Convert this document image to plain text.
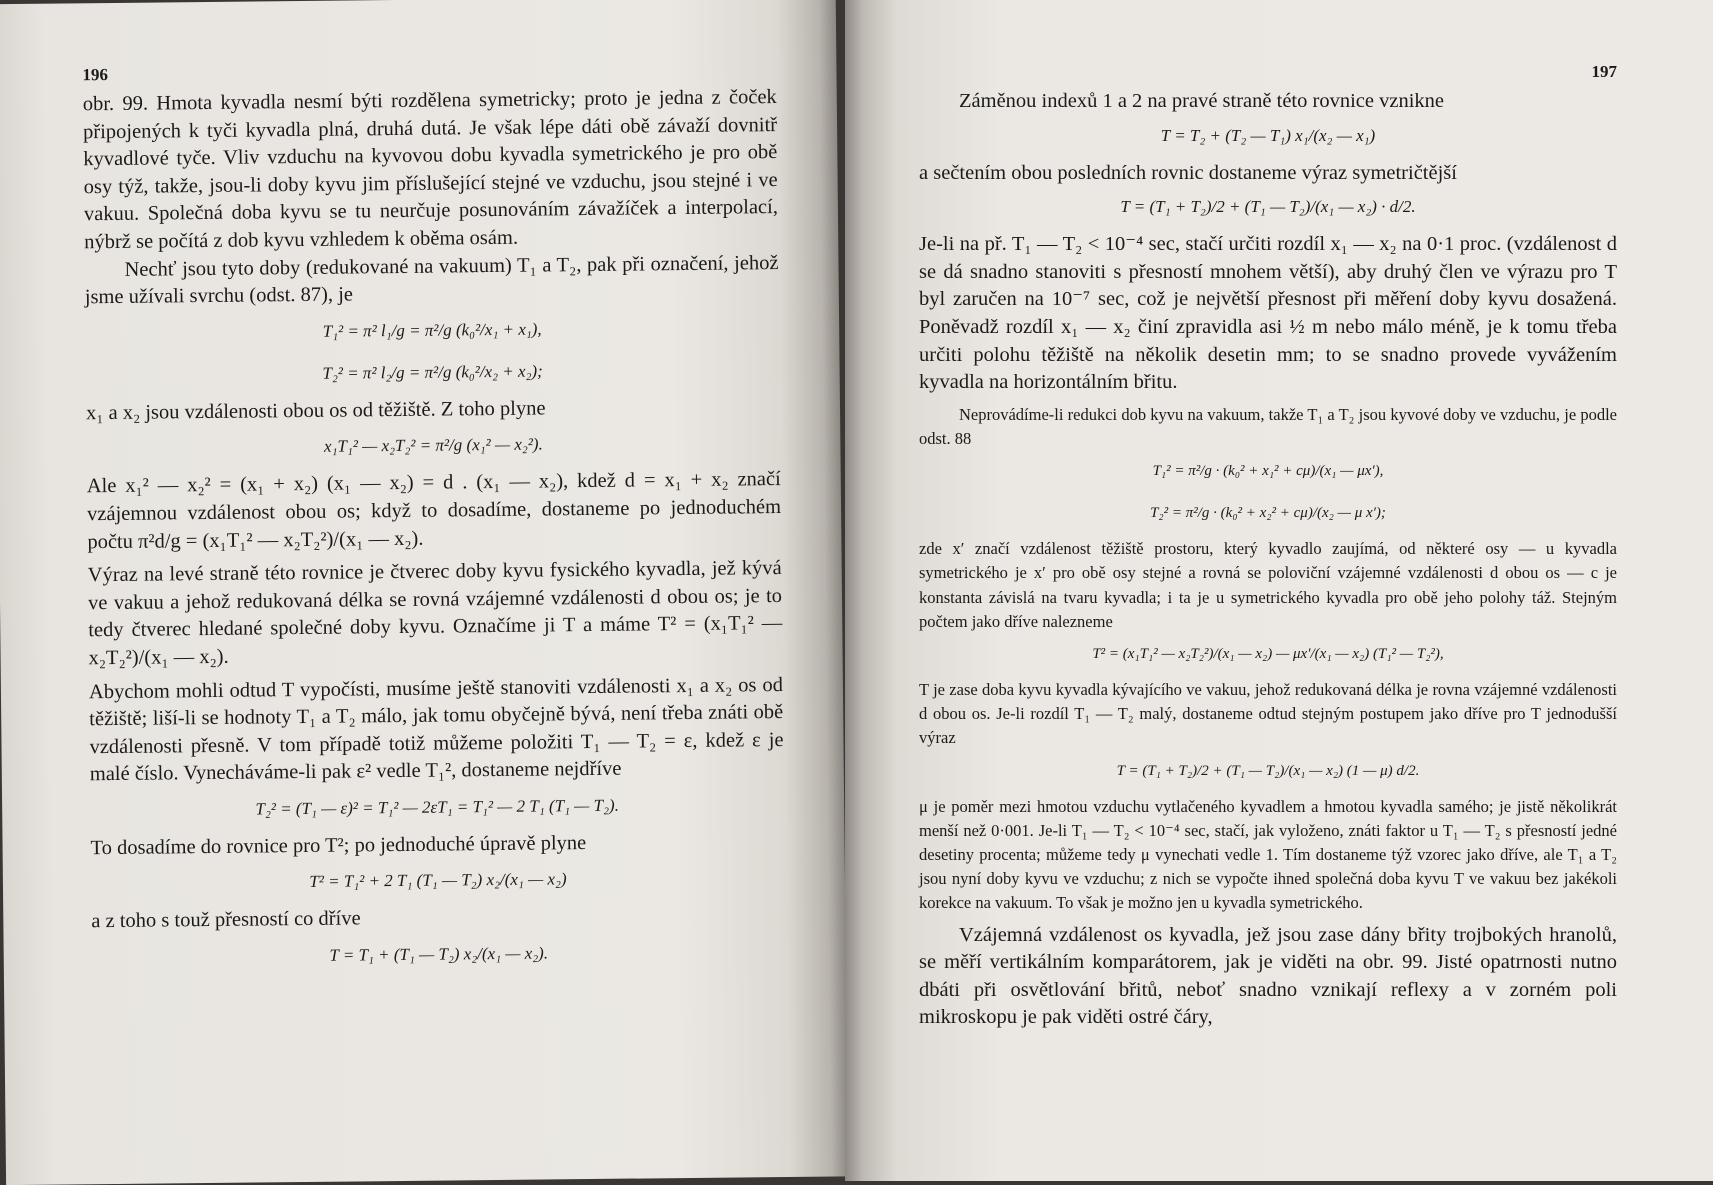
196

obr. 99. Hmota kyvadla nesmí býti rozdělena symetricky; proto je jedna z čoček připojených k tyči kyvadla plná, druhá dutá. Je však lépe dáti obě závaží dovnitř kyvadlové tyče. Vliv vzduchu na kyvovou dobu kyvadla symetrického je pro obě osy týž, takže, jsou-li doby kyvu jim příslušející stejné ve vzduchu, jsou stejné i ve vakuu. Společná doba kyvu se tu neurčuje posunováním závažíček a interpolací, nýbrž se počítá z dob kyvu vzhledem k oběma osám.

Nechť jsou tyto doby (redukované na vakuum) T₁ a T₂, pak při označení, jehož jsme užívali svrchu (odst. 87), je

T₁² = π² l₁/g = π²/g (k₀²/x₁ + x₁),
T₂² = π² l₂/g = π²/g (k₀²/x₂ + x₂);

x₁ a x₂ jsou vzdálenosti obou os od těžiště. Z toho plyne

x₁T₁² — x₂T₂² = π²/g (x₁² — x₂²).

Ale x₁² — x₂² = (x₁ + x₂) (x₁ — x₂) = d . (x₁ — x₂), kdež d = x₁ + x₂ značí vzájemnou vzdálenost obou os; když to dosadíme, dostaneme po jednoduchém počtu π²d/g = (x₁T₁² — x₂T₂²)/(x₁ — x₂).

Výraz na levé straně této rovnice je čtverec doby kyvu fysického kyvadla, jež kývá ve vakuu a jehož redukovaná délka se rovná vzájemné vzdálenosti d obou os; je to tedy čtverec hledané společné doby kyvu. Označíme ji T a máme T² = (x₁T₁² — x₂T₂²)/(x₁ — x₂).

Abychom mohli odtud T vypočísti, musíme ještě stanoviti vzdálenosti x₁ a x₂ os od těžiště; liší-li se hodnoty T₁ a T₂ málo, jak tomu obyčejně bývá, není třeba znáti obě vzdálenosti přesně. V tom případě totiž můžeme položiti T₁ — T₂ = ε, kdež ε je malé číslo. Vynecháváme-li pak ε² vedle T₁², dostaneme nejdříve

T₂² = (T₁ — ε)² = T₁² — 2εT₁ = T₁² — 2 T₁ (T₁ — T₂).

To dosadíme do rovnice pro T²; po jednoduché úpravě plyne

T² = T₁² + 2 T₁ (T₁ — T₂) x₂/(x₁ — x₂)

a z toho s touž přesností co dříve

T = T₁ + (T₁ — T₂) x₂/(x₁ — x₂).
197

Záměnou indexů 1 a 2 na pravé straně této rovnice vznikne

T = T₂ + (T₂ — T₁) x₁/(x₂ — x₁)

a sečtením obou posledních rovnic dostaneme výraz symetričtější

T = (T₁ + T₂)/2 + (T₁ — T₂)/(x₁ — x₂) · d/2.

Je-li na př. T₁ — T₂ < 10⁻⁴ sec, stačí určiti rozdíl x₁ — x₂ na 0·1 proc. (vzdálenost d se dá snadno stanoviti s přesností mnohem větší), aby druhý člen ve výrazu pro T byl zaručen na 10⁻⁷ sec, což je největší přesnost při měření doby kyvu dosažená. Poněvadž rozdíl x₁ — x₂ činí zpravidla asi ½ m nebo málo méně, je k tomu třeba určiti polohu těžiště na několik desetin mm; to se snadno provede vyvážením kyvadla na horizontálním břitu.

Neprovádíme-li redukci dob kyvu na vakuum, takže T₁ a T₂ jsou kyvové doby ve vzduchu, je podle odst. 88

T₁² = π²/g · (k₀² + x₁² + cμ)/(x₁ — μx′),
T₂² = π²/g · (k₀² + x₂² + cμ)/(x₂ — μ x′);

zde x′ značí vzdálenost těžiště prostoru, který kyvadlo zaujímá, od některé osy — u kyvadla symetrického je x′ pro obě osy stejné a rovná se poloviční vzájemné vzdálenosti d obou os — c je konstanta závislá na tvaru kyvadla; i ta je u symetrického kyvadla pro obě jeho polohy táž. Stejným počtem jako dříve nalezneme

T² = (x₁T₁² — x₂T₂²)/(x₁ — x₂) — μx′/(x₁ — x₂) (T₁² — T₂²),

T je zase doba kyvu kyvadla kývajícího ve vakuu, jehož redukovaná délka je rovna vzájemné vzdálenosti d obou os. Je-li rozdíl T₁ — T₂ malý, dostaneme odtud stejným postupem jako dříve pro T jednodušší výraz

T = (T₁ + T₂)/2 + (T₁ — T₂)/(x₁ — x₂) (1 — μ) d/2.

μ je poměr mezi hmotou vzduchu vytlačeného kyvadlem a hmotou kyvadla samého; je jistě několikrát menší než 0·001. Je-li T₁ — T₂ < 10⁻⁴ sec, stačí, jak vyloženo, znáti faktor u T₁ — T₂ s přesností jedné desetiny procenta; můžeme tedy μ vynechati vedle 1. Tím dostaneme týž vzorec jako dříve, ale T₁ a T₂ jsou nyní doby kyvu ve vzduchu; z nich se vypočte ihned společná doba kyvu T ve vakuu bez jakékoli korekce na vakuum. To však je možno jen u kyvadla symetrického.

Vzájemná vzdálenost os kyvadla, jež jsou zase dány břity trojbokých hranolů, se měří vertikálním komparátorem, jak je viděti na obr. 99. Jisté opatrnosti nutno dbáti při osvětlování břitů, neboť snadno vznikají reflexy a v zorném poli mikroskopu je pak viděti ostré čáry,
